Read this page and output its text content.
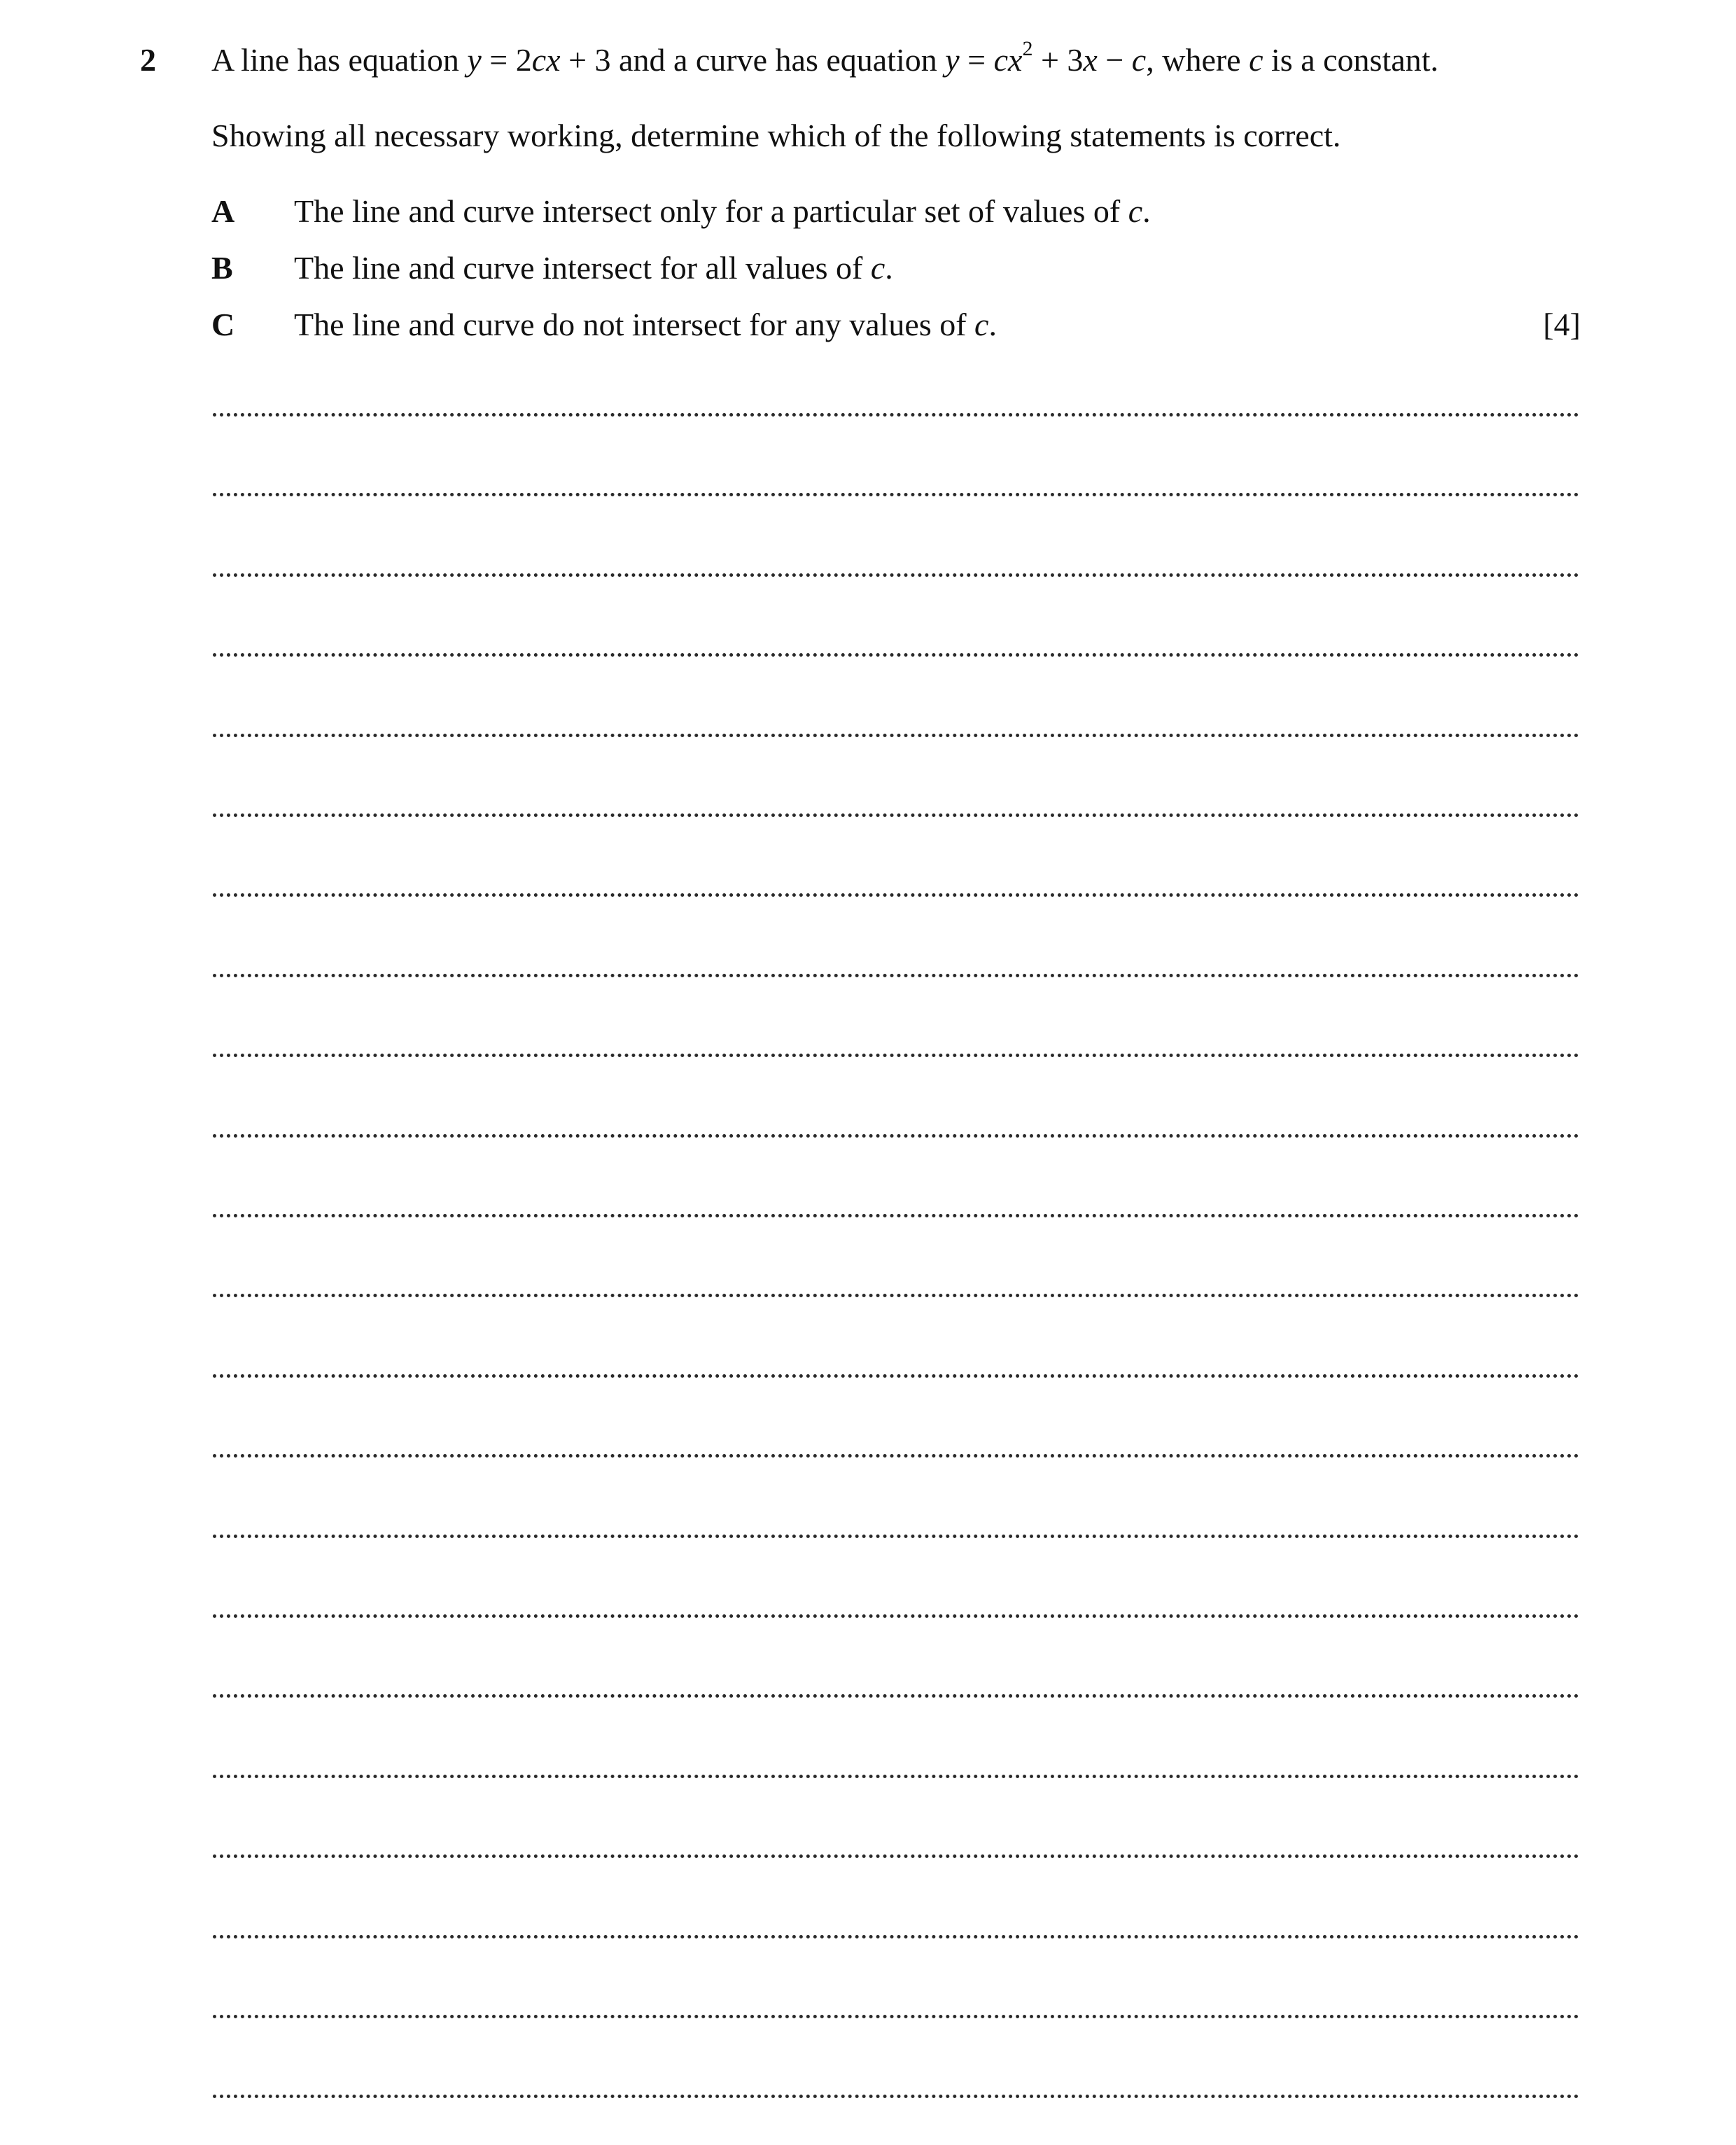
2 A line has equation y = 2cx + 3 and a curve has equation $y = cx^2 + 3x - c$, where c is a constant.
Showing all necessary working, determine which of the following statements is correct.
A The line and curve intersect only for a particular set of values of c.
B The line and curve intersect for all values of c.
C The line and curve do not intersect for any values of c.	[4]
